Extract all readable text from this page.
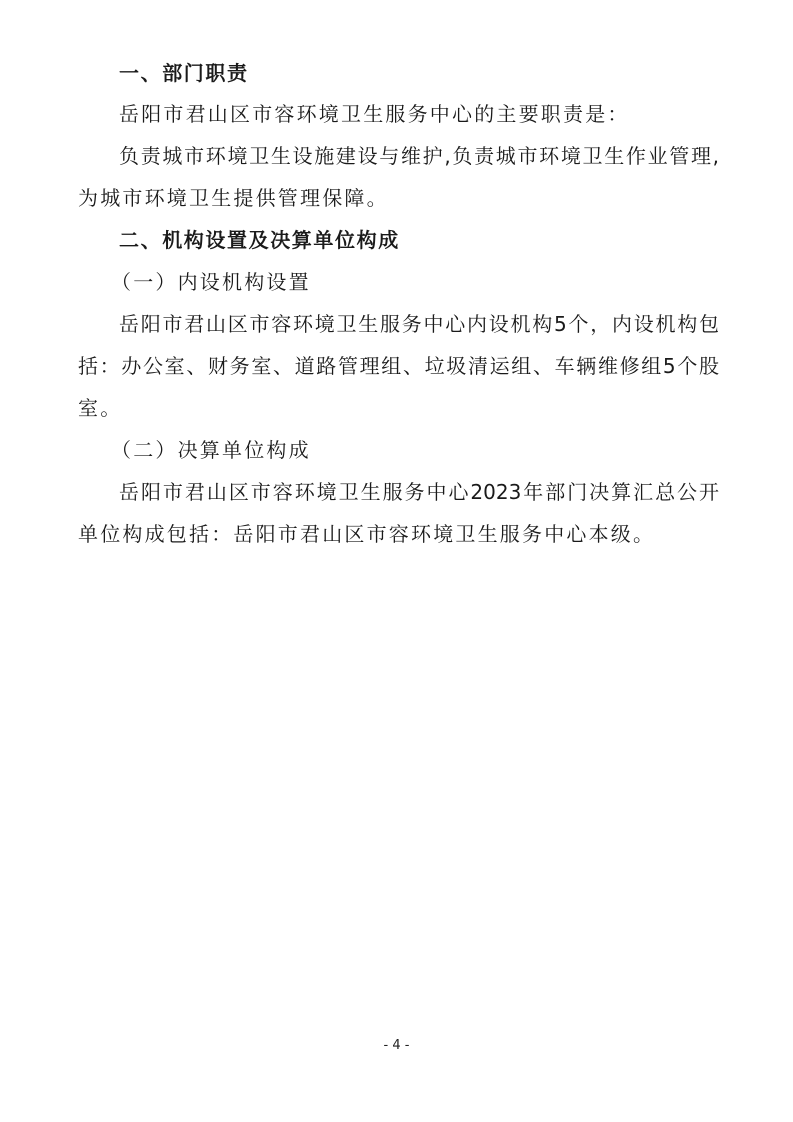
一、部门职责
岳阳市君山区市容环境卫生服务中心的主要职责是：
负责城市环境卫生设施建设与维护,负责城市环境卫生作业管理,
为城市环境卫生提供管理保障。
二、机构设置及决算单位构成
（一）内设机构设置
岳阳市君山区市容环境卫生服务中心内设机构5个，内设机构包
括：办公室、财务室、道路管理组、垃圾清运组、车辆维修组5个股
室。
（二）决算单位构成
岳阳市君山区市容环境卫生服务中心2023年部门决算汇总公开
单位构成包括：岳阳市君山区市容环境卫生服务中心本级。
- 4 -
